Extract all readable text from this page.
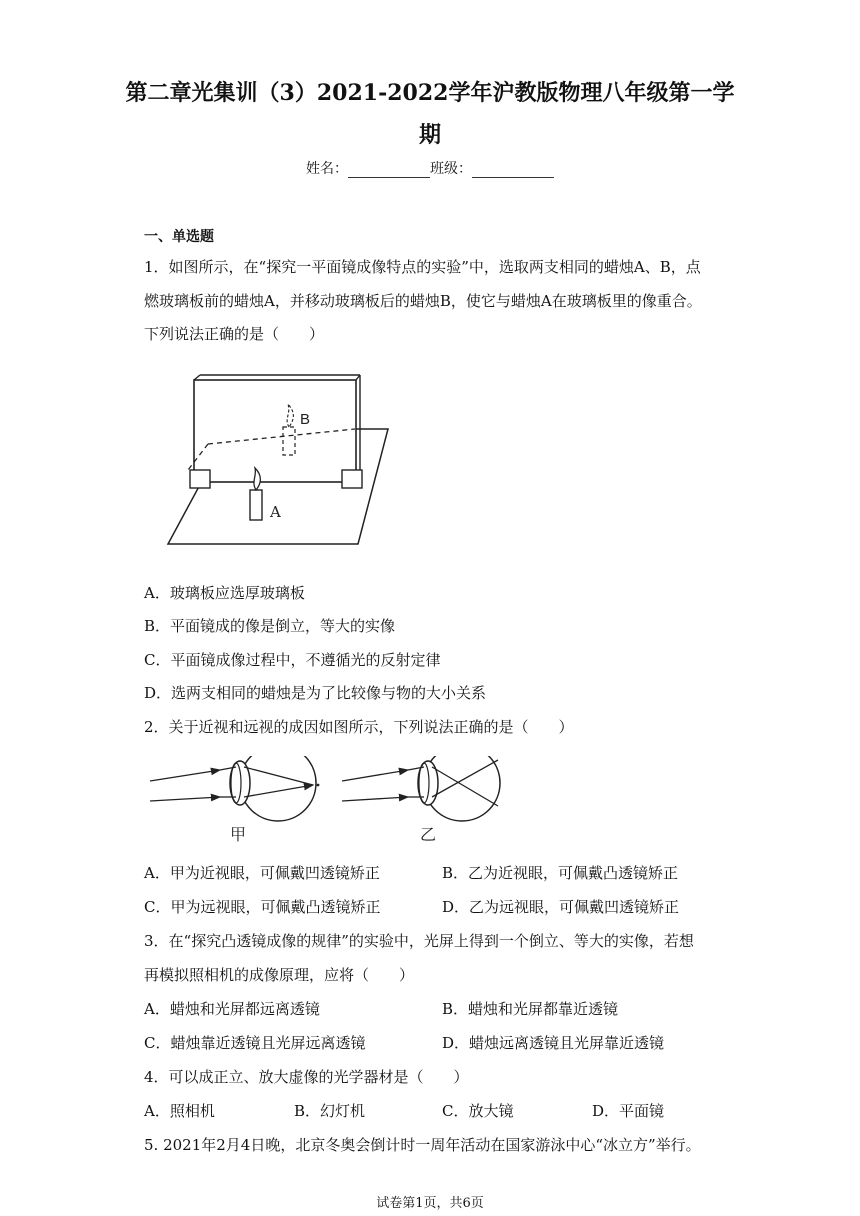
第二章光集训（3）2021-2022学年沪教版物理八年级第一学
期
姓名：	班级：
一、单选题
1．如图所示，在“探究一平面镜成像特点的实验”中，选取两支相同的蜡烛A、B，点
燃玻璃板前的蜡烛A，并移动玻璃板后的蜡烛B，使它与蜡烛A在玻璃板里的像重合。
下列说法正确的是（　　）
B
A
A．玻璃板应选厚玻璃板
B．平面镜成的像是倒立，等大的实像
C．平面镜成像过程中，不遵循光的反射定律
D．选两支相同的蜡烛是为了比较像与物的大小关系
2．关于近视和远视的成因如图所示，下列说法正确的是（　　）
甲	乙
A．甲为近视眼，可佩戴凹透镜矫正	B．乙为近视眼，可佩戴凸透镜矫正
C．甲为远视眼，可佩戴凸透镜矫正	D．乙为远视眼，可佩戴凹透镜矫正
3．在“探究凸透镜成像的规律”的实验中，光屏上得到一个倒立、等大的实像，若想
再模拟照相机的成像原理，应将（　　）
A．蜡烛和光屏都远离透镜	B．蜡烛和光屏都靠近透镜
C．蜡烛靠近透镜且光屏远离透镜	D．蜡烛远离透镜且光屏靠近透镜
4．可以成正立、放大虚像的光学器材是（　　）
A．照相机	B．幻灯机	C．放大镜	D．平面镜
5. 2021年2月4日晚，北京冬奥会倒计时一周年活动在国家游泳中心“冰立方”举行。
试卷第1页，共6页
